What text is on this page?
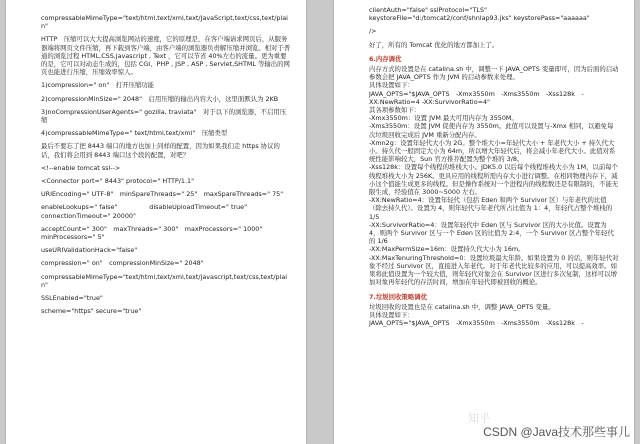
compressableMimeType="text/html,text/xml,text/JavaScript,text/css,text/plain"
HTTP　压缩可以大大提高浏览网站的速度，它的原理是，在客户端请求网页后，从服务器端将网页文件压缩，再下载到客户端，由客户端的浏览器负责解压缩并浏览。相对于普通的浏览过程 HTML,CSS,javascript , Text ，它可以节省 40%左右的流量。更为重要的是，它可以对动态生成的，包括 CGI、PHP , JSP , ASP , Servlet,SHTML 等输出的网页也能进行压缩，压缩效率惊人。
1)compression=" on"　打开压缩功能
2)compressionMinSize=" 2048"　启用压缩的输出内容大小，这里面默认为 2KB
3)noCompressionUserAgents=" gozilla, traviata"　对于以下的浏览器，不启用压缩
4)compressableMimeType=" text/html,text/xml"　压缩类型
最后不要忘了把 8443 端口的地方也加上同样的配置，因为如果我们走 https 协议的话，我们将会用到 8443 端口这个段的配置，对吧？
<!--enable tomcat ssl-->
<Connector port=" 8443" protocol=" HTTP/1.1"
URIEncoding=" UTF-8"　minSpareThreads=" 25"　maxSpareThreads=" 75"
enableLookups=" false"　　　　　disableUploadTimeout=" true" connectionTimeout=" 20000"
acceptCount=" 300"　maxThreads=" 300"　maxProcessors=" 1000" minProcessors=" 5"
useURIValidationHack="false"
compression=" on"　compressionMinSize=" 2048"
compressableMimeType="text/html,text/xml,text/javascript,text/css,text/plain"
SSLEnabled="true"
scheme="https" secure="true"
clientAuth="false" sslProtocol="TLS"
keystoreFile="d:/tomcat2/conf/shnlap93.jks" keystorePass="aaaaaa"
/>
好了，所有的 Tomcat 优化的地方都加上了。
6.内存调优
内存方式的设置是在 catalina.sh 中，调整一下 JAVA_OPTS 变量即可，因为后面的启动参数会把 JAVA_OPTS 作为 JVM 的启动参数来处理。
具体设置如下：
JAVA_OPTS="$JAVA_OPTS　-Xmx3550m　-Xms3550m　-Xss128k　-XX:NewRatio=4 -XX:SurvivorRatio=4"
其各项参数如下：
-Xmx3550m：设置 JVM 最大可用内存为 3550M。
-Xms3550m：设置 JVM 促使内存为 3550m。此值可以设置与-Xmx 相同，以避免每次垃圾回收完成后 JVM 重新分配内存。
-Xmn2g：设置年轻代大小为 2G。整个堆大小=年轻代大小 + 年老代大小 + 持久代大小。持久代一般固定大小为 64m，所以增大年轻代后，将会减小年老代大小。此值对系统性能影响较大，Sun 官方推荐配置为整个堆的 3/8。
-Xss128k：设置每个线程的堆栈大小。JDK5.0 以后每个线程堆栈大小为 1M，以前每个线程堆栈大小为 256K。更具应用的线程所需内存大小进行调整。在相同物理内存下，减小这个值能生成更多的线程。但是操作系统对一个进程内的线程数还是有限制的，不能无限生成，经验值在 3000~5000 左右。
-XX:NewRatio=4：设置年轻代（包括 Eden 和两个 Survivor 区）与年老代的比值（除去持久代）。设置为 4，则年轻代与年老代所占比值为 1：4，年轻代占整个堆栈的 1/5
-XX:SurvivorRatio=4：设置年轻代中 Eden 区与 Survivor 区的大小比值。设置为 4，则两个 Survivor 区与一个 Eden 区的比值为 2:4，一个 Survivor 区占整个年轻代的 1/6
-XX:MaxPermSize=16m：设置持久代大小为 16m。
-XX:MaxTenuringThreshold=0：设置垃圾最大年龄。如果设置为 0 的话，则年轻代对象不经过 Survivor 区，直接进入年老代。对于年老代比较多的应用，可以提高效率。如果将此值设置为一个较大值，则年轻代对象会在 Survivor 区进行多次复制，这样可以增加对象再年轻代的存活时间，增加在年轻代即被回收的概论。
7.垃圾回收策略调优
垃圾回收的设置也是在 catalina.sh 中，调整 JAVA_OPTS 变量。
具体设置如下：
JAVA_OPTS="$JAVA_OPTS　-Xmx3550m　-Xms3550m　-Xss128k　-
知乎
CSDN @Java技术那些事儿
